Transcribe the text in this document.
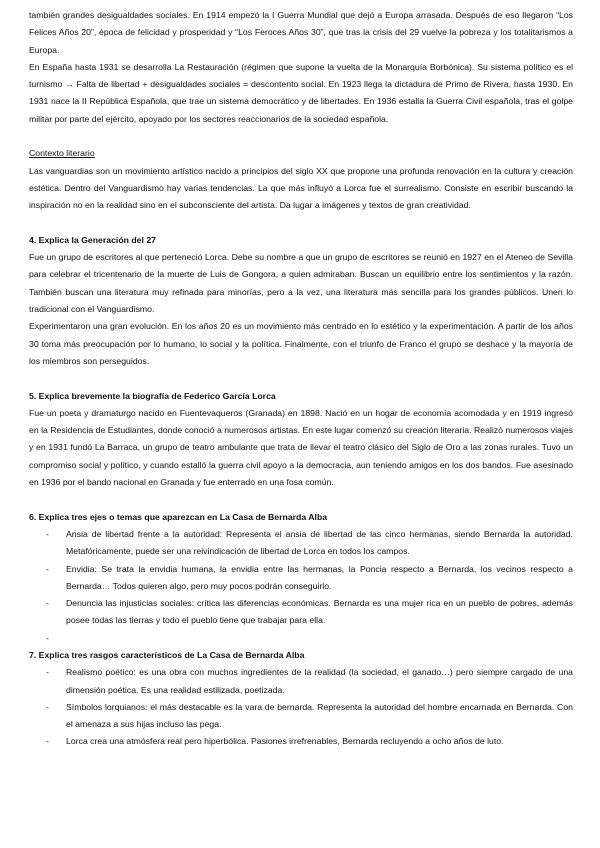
también grandes desigualdades sociales. En 1914 empezó la I Guerra Mundial que dejó a Europa arrasada. Después de eso llegaron “Los Felices Años 20”, época de felicidad y prosperidad y “Los Feroces Años 30”, que tras la crisis del 29 vuelve la pobreza y los totalitarismos a Europa.

En España hasta 1931 se desarrolla La Restauración (régimen que supone la vuelta de la Monarquía Borbónica). Su sistema político es el turnismo → Falta de libertad + desigualdades sociales = descontento social. En 1923 llega la dictadura de Primo de Rivera, hasta 1930. En 1931 nace la II República Española, que trae un sistema democrático y de libertades. En 1936 estalla la Guerra Civil española, tras el golpe militar por parte del ejército, apoyado por los sectores reaccionarios de la sociedad española.

Contexto literario

Las vanguardias son un movimiento artístico nacido a principios del siglo XX que propone una profunda renovación en la cultura y creación estética. Dentro del Vanguardismo hay varias tendencias. La que más influyó a Lorca fue el surrealismo. Consiste en escribir buscando la inspiración no en la realidad sino en el subconsciente del artista. Da lugar a imágenes y textos de gran creatividad.

4. Explica la Generación del 27

Fue un grupo de escritores al que perteneció Lorca. Debe su nombre a que un grupo de escritores se reunió en 1927 en el Ateneo de Sevilla para celebrar el tricentenario de la muerte de Luis de Gongora, a quien admiraban. Buscan un equilibrio entre los sentimientos y la razón. También buscan una literatura muy refinada para minorías, pero a la vez, una literatura más sencilla para los grandes públicos. Unen lo tradicional con el Vanguardismo.

Experimentaron una gran evolución. En los años 20 es un movimiento más centrado en lo estético y la experimentación. A partir de los años 30 toma más preocupación por lo humano, lo social y la política. Finalmente, con el triunfo de Franco el grupo se deshace y la mayoría de los miembros son perseguidos.

5. Explica brevemente la biografía de Federico García Lorca

Fue un poeta y dramaturgo nacido en Fuentevaqueros (Granada) en 1898. Nació en un hogar de economía acomodada y en 1919 ingresó en la Residencia de Estudiantes, donde conoció a numerosos artistas. En este lugar comenzó su creación literaria. Realizó numerosos viajes y en 1931 fundó La Barraca, un grupo de teatro ambulante que trata de llevar el teatro clásico del Siglo de Oro a las zonas rurales. Tuvo un compromiso social y político, y cuando estalló la guerra civil apoyo a la democracia, aun teniendo amigos en los dos bandos. Fue asesinado en 1936 por el bando nacional en Granada y fue enterrado en una fosa común.

6. Explica tres ejes o temas que aparezcan en La Casa de Bernarda Alba

- Ansia de libertad frente a la autoridad: Representa el ansia de libertad de las cinco hermanas, siendo Bernarda la autoridad. Metafóricamente, puede ser una reivindicación de libertad de Lorca en todos los campos.
- Envidia: Se trata la envidia humana, la envidia entre las hermanas, la Poncia respecto a Bernarda, los vecinos respecto a Bernarda… Todos quieren algo, pero muy pocos podrán conseguirlo.
- Denuncia las injusticias sociales: crítica las diferencias económicas. Bernarda es una mujer rica en un pueblo de pobres, además posee todas las tierras y todo el pueblo tiene que trabajar para ella.
-

7. Explica tres rasgos característicos de La Casa de Bernarda Alba

- Realismo poético: es una obra con muchos ingredientes de la realidad (la sociedad, el ganado…) pero siempre cargado de una dimensión poética. Es una realidad estilizada, poetizada.
- Símbolos lorquianos: el más destacable es la vara de bernarda. Representa la autoridad del hombre encarnada en Bernarda. Con el amenaza a sus hijas incluso las pega.
- Lorca crea una atmósfera real pero hiperbólica. Pasiones irrefrenables, Bernarda recluyendo a ocho años de luto.
